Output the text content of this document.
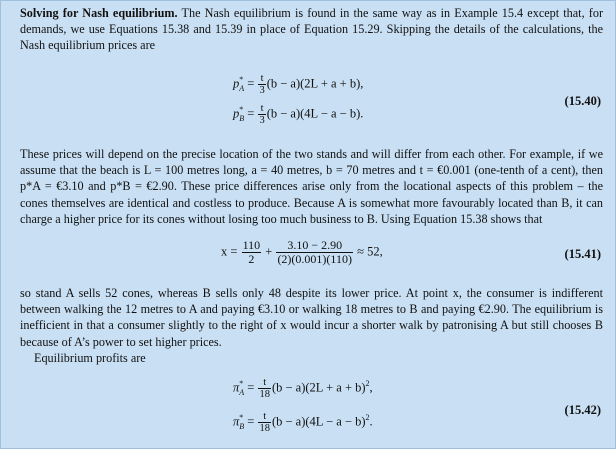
Solving for Nash equilibrium. The Nash equilibrium is found in the same way as in Example 15.4 except that, for demands, we use Equations 15.38 and 15.39 in place of Equation 15.29. Skipping the details of the calculations, the Nash equilibrium prices are

$p^*_A = \frac{t}{3} (b - a)(2L + a + b)$,
$p^*_B = \frac{t}{3} (b - a)(4L - a - b)$.
(15.40)

These prices will depend on the precise location of the two stands and will differ from each other. For example, if we assume that the beach is L = 100 metres long, a = 40 metres, b = 70 metres and t = €0.001 (one-tenth of a cent), then p*A = €3.10 and p*B = €2.90. These price differences arise only from the locational aspects of this problem – the cones themselves are identical and costless to produce. Because A is somewhat more favourably located than B, it can charge a higher price for its cones without losing too much business to B. Using Equation 15.38 shows that

$x = \frac{110}{2} + \frac{3.10 - 2.90}{(2)(0.001)(110)} \approx 52$,	(15.41)

so stand A sells 52 cones, whereas B sells only 48 despite its lower price. At point x, the consumer is indifferent between walking the 12 metres to A and paying €3.10 or walking 18 metres to B and paying €2.90. The equilibrium is inefficient in that a consumer slightly to the right of x would incur a shorter walk by patronising A but still chooses B because of A’s power to set higher prices.

Equilibrium profits are

$\pi^*_A = \frac{t}{18} (b - a)(2L + a + b)^2$,
$\pi^*_B = \frac{t}{18} (b - a)(4L - a - b)^2$.
(15.42)
